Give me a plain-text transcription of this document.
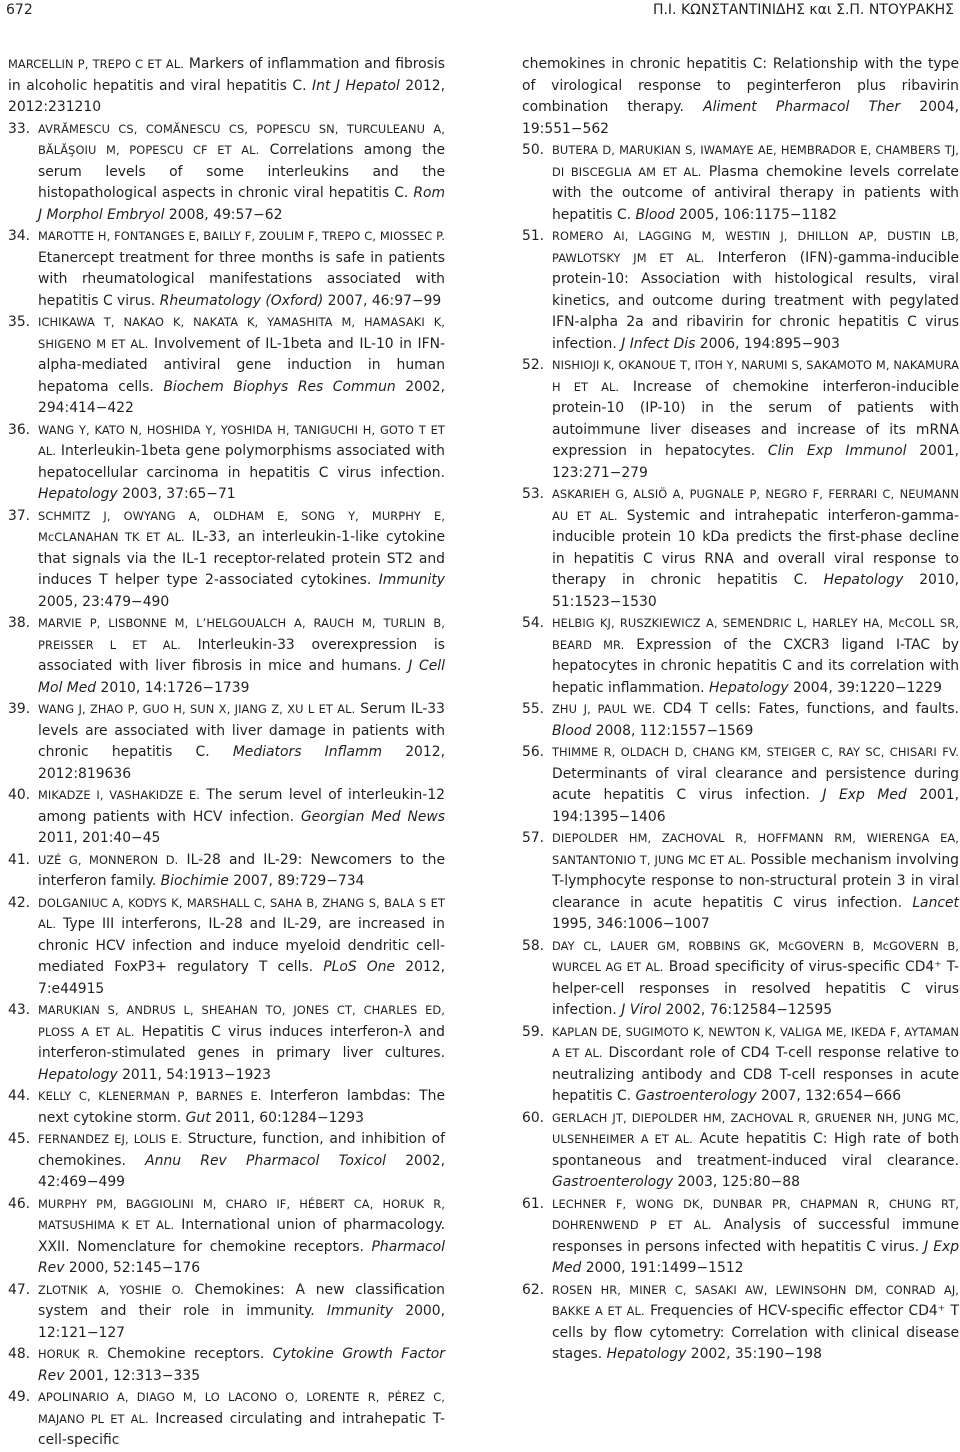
672	Π.Ι. ΚΩΝΣΤΑΝΤΙΝΙΔΗΣ και Σ.Π. ΝΤΟΥΡΑΚΗΣ
MARCELLIN P, TREPO C ET AL. Markers of inflammation and fibrosis in alcoholic hepatitis and viral hepatitis C. Int J Hepatol 2012, 2012:231210
33. AVRĂMESCU CS, COMĂNESCU CS, POPESCU SN, TURCULEANU A, BĂLĂŞOIU M, POPESCU CF ET AL. Correlations among the serum levels of some interleukins and the histopathological aspects in chronic viral hepatitis C. Rom J Morphol Embryol 2008, 49:57−62
34. MAROTTE H, FONTANGES E, BAILLY F, ZOULIM F, TREPO C, MIOSSEC P. Etanercept treatment for three months is safe in patients with rheumatological manifestations associated with hepatitis C virus. Rheumatology (Oxford) 2007, 46:97−99
35. ICHIKAWA T, NAKAO K, NAKATA K, YAMASHITA M, HAMASAKI K, SHIGENO M ET AL. Involvement of IL-1beta and IL-10 in IFN-alpha-mediated antiviral gene induction in human hepatoma cells. Biochem Biophys Res Commun 2002, 294:414−422
36. WANG Y, KATO N, HOSHIDA Y, YOSHIDA H, TANIGUCHI H, GOTO T ET AL. Interleukin-1beta gene polymorphisms associated with hepatocellular carcinoma in hepatitis C virus infection. Hepatology 2003, 37:65−71
37. SCHMITZ J, OWYANG A, OLDHAM E, SONG Y, MURPHY E, McCLANAHAN TK ET AL. IL-33, an interleukin-1-like cytokine that signals via the IL-1 receptor-related protein ST2 and induces T helper type 2-associated cytokines. Immunity 2005, 23:479−490
38. MARVIE P, LISBONNE M, L’HELGOUALCH A, RAUCH M, TURLIN B, PREISSER L ET AL. Interleukin-33 overexpression is associated with liver fibrosis in mice and humans. J Cell Mol Med 2010, 14:1726−1739
39. WANG J, ZHAO P, GUO H, SUN X, JIANG Z, XU L ET AL. Serum IL-33 levels are associated with liver damage in patients with chronic hepatitis C. Mediators Inflamm 2012, 2012:819636
40. MIKADZE I, VASHAKIDZE E. The serum level of interleukin-12 among patients with HCV infection. Georgian Med News 2011, 201:40−45
41. UZÉ G, MONNERON D. IL-28 and IL-29: Newcomers to the interferon family. Biochimie 2007, 89:729−734
42. DOLGANIUC A, KODYS K, MARSHALL C, SAHA B, ZHANG S, BALA S ET AL. Type III interferons, IL-28 and IL-29, are increased in chronic HCV infection and induce myeloid dendritic cell-mediated FoxP3+ regulatory T cells. PLoS One 2012, 7:e44915
43. MARUKIAN S, ANDRUS L, SHEAHAN TO, JONES CT, CHARLES ED, PLOSS A ET AL. Hepatitis C virus induces interferon-λ and interferon-stimulated genes in primary liver cultures. Hepatology 2011, 54:1913−1923
44. KELLY C, KLENERMAN P, BARNES E. Interferon lambdas: The next cytokine storm. Gut 2011, 60:1284−1293
45. FERNANDEZ EJ, LOLIS E. Structure, function, and inhibition of chemokines. Annu Rev Pharmacol Toxicol 2002, 42:469−499
46. MURPHY PM, BAGGIOLINI M, CHARO IF, HÉBERT CA, HORUK R, MATSUSHIMA K ET AL. International union of pharmacology. XXII. Nomenclature for chemokine receptors. Pharmacol Rev 2000, 52:145−176
47. ZLOTNIK A, YOSHIE O. Chemokines: A new classification system and their role in immunity. Immunity 2000, 12:121−127
48. HORUK R. Chemokine receptors. Cytokine Growth Factor Rev 2001, 12:313−335
49. APOLINARIO A, DIAGO M, LO LACONO O, LORENTE R, PÉREZ C, MAJANO PL ET AL. Increased circulating and intrahepatic T-cell-specific
chemokines in chronic hepatitis C: Relationship with the type of virological response to peginterferon plus ribavirin combination therapy. Aliment Pharmacol Ther 2004, 19:551−562
50. BUTERA D, MARUKIAN S, IWAMAYE AE, HEMBRADOR E, CHAMBERS TJ, DI BISCEGLIA AM ET AL. Plasma chemokine levels correlate with the outcome of antiviral therapy in patients with hepatitis C. Blood 2005, 106:1175−1182
51. ROMERO AI, LAGGING M, WESTIN J, DHILLON AP, DUSTIN LB, PAWLOTSKY JM ET AL. Interferon (IFN)-gamma-inducible protein-10: Association with histological results, viral kinetics, and outcome during treatment with pegylated IFN-alpha 2a and ribavirin for chronic hepatitis C virus infection. J Infect Dis 2006, 194:895−903
52. NISHIOJI K, OKANOUE T, ITOH Y, NARUMI S, SAKAMOTO M, NAKAMURA H ET AL. Increase of chemokine interferon-inducible protein-10 (IP-10) in the serum of patients with autoimmune liver diseases and increase of its mRNA expression in hepatocytes. Clin Exp Immunol 2001, 123:271−279
53. ASKARIEH G, ALSIÖ A, PUGNALE P, NEGRO F, FERRARI C, NEUMANN AU ET AL. Systemic and intrahepatic interferon-gamma-inducible protein 10 kDa predicts the first-phase decline in hepatitis C virus RNA and overall viral response to therapy in chronic hepatitis C. Hepatology 2010, 51:1523−1530
54. HELBIG KJ, RUSZKIEWICZ A, SEMENDRIC L, HARLEY HA, McCOLL SR, BEARD MR. Expression of the CXCR3 ligand I-TAC by hepatocytes in chronic hepatitis C and its correlation with hepatic inflammation. Hepatology 2004, 39:1220−1229
55. ZHU J, PAUL WE. CD4 T cells: Fates, functions, and faults. Blood 2008, 112:1557−1569
56. THIMME R, OLDACH D, CHANG KM, STEIGER C, RAY SC, CHISARI FV. Determinants of viral clearance and persistence during acute hepatitis C virus infection. J Exp Med 2001, 194:1395−1406
57. DIEPOLDER HM, ZACHOVAL R, HOFFMANN RM, WIERENGA EA, SANTANTONIO T, JUNG MC ET AL. Possible mechanism involving T-lymphocyte response to non-structural protein 3 in viral clearance in acute hepatitis C virus infection. Lancet 1995, 346:1006−1007
58. DAY CL, LAUER GM, ROBBINS GK, McGOVERN B, McGOVERN B, WURCEL AG ET AL. Broad specificity of virus-specific CD4⁺ T-helper-cell responses in resolved hepatitis C virus infection. J Virol 2002, 76:12584−12595
59. KAPLAN DE, SUGIMOTO K, NEWTON K, VALIGA ME, IKEDA F, AYTAMAN A ET AL. Discordant role of CD4 T-cell response relative to neutralizing antibody and CD8 T-cell responses in acute hepatitis C. Gastroenterology 2007, 132:654−666
60. GERLACH JT, DIEPOLDER HM, ZACHOVAL R, GRUENER NH, JUNG MC, ULSENHEIMER A ET AL. Acute hepatitis C: High rate of both spontaneous and treatment-induced viral clearance. Gastroenterology 2003, 125:80−88
61. LECHNER F, WONG DK, DUNBAR PR, CHAPMAN R, CHUNG RT, DOHRENWEND P ET AL. Analysis of successful immune responses in persons infected with hepatitis C virus. J Exp Med 2000, 191:1499−1512
62. ROSEN HR, MINER C, SASAKI AW, LEWINSOHN DM, CONRAD AJ, BAKKE A ET AL. Frequencies of HCV-specific effector CD4⁺ T cells by flow cytometry: Correlation with clinical disease stages. Hepatology 2002, 35:190−198
